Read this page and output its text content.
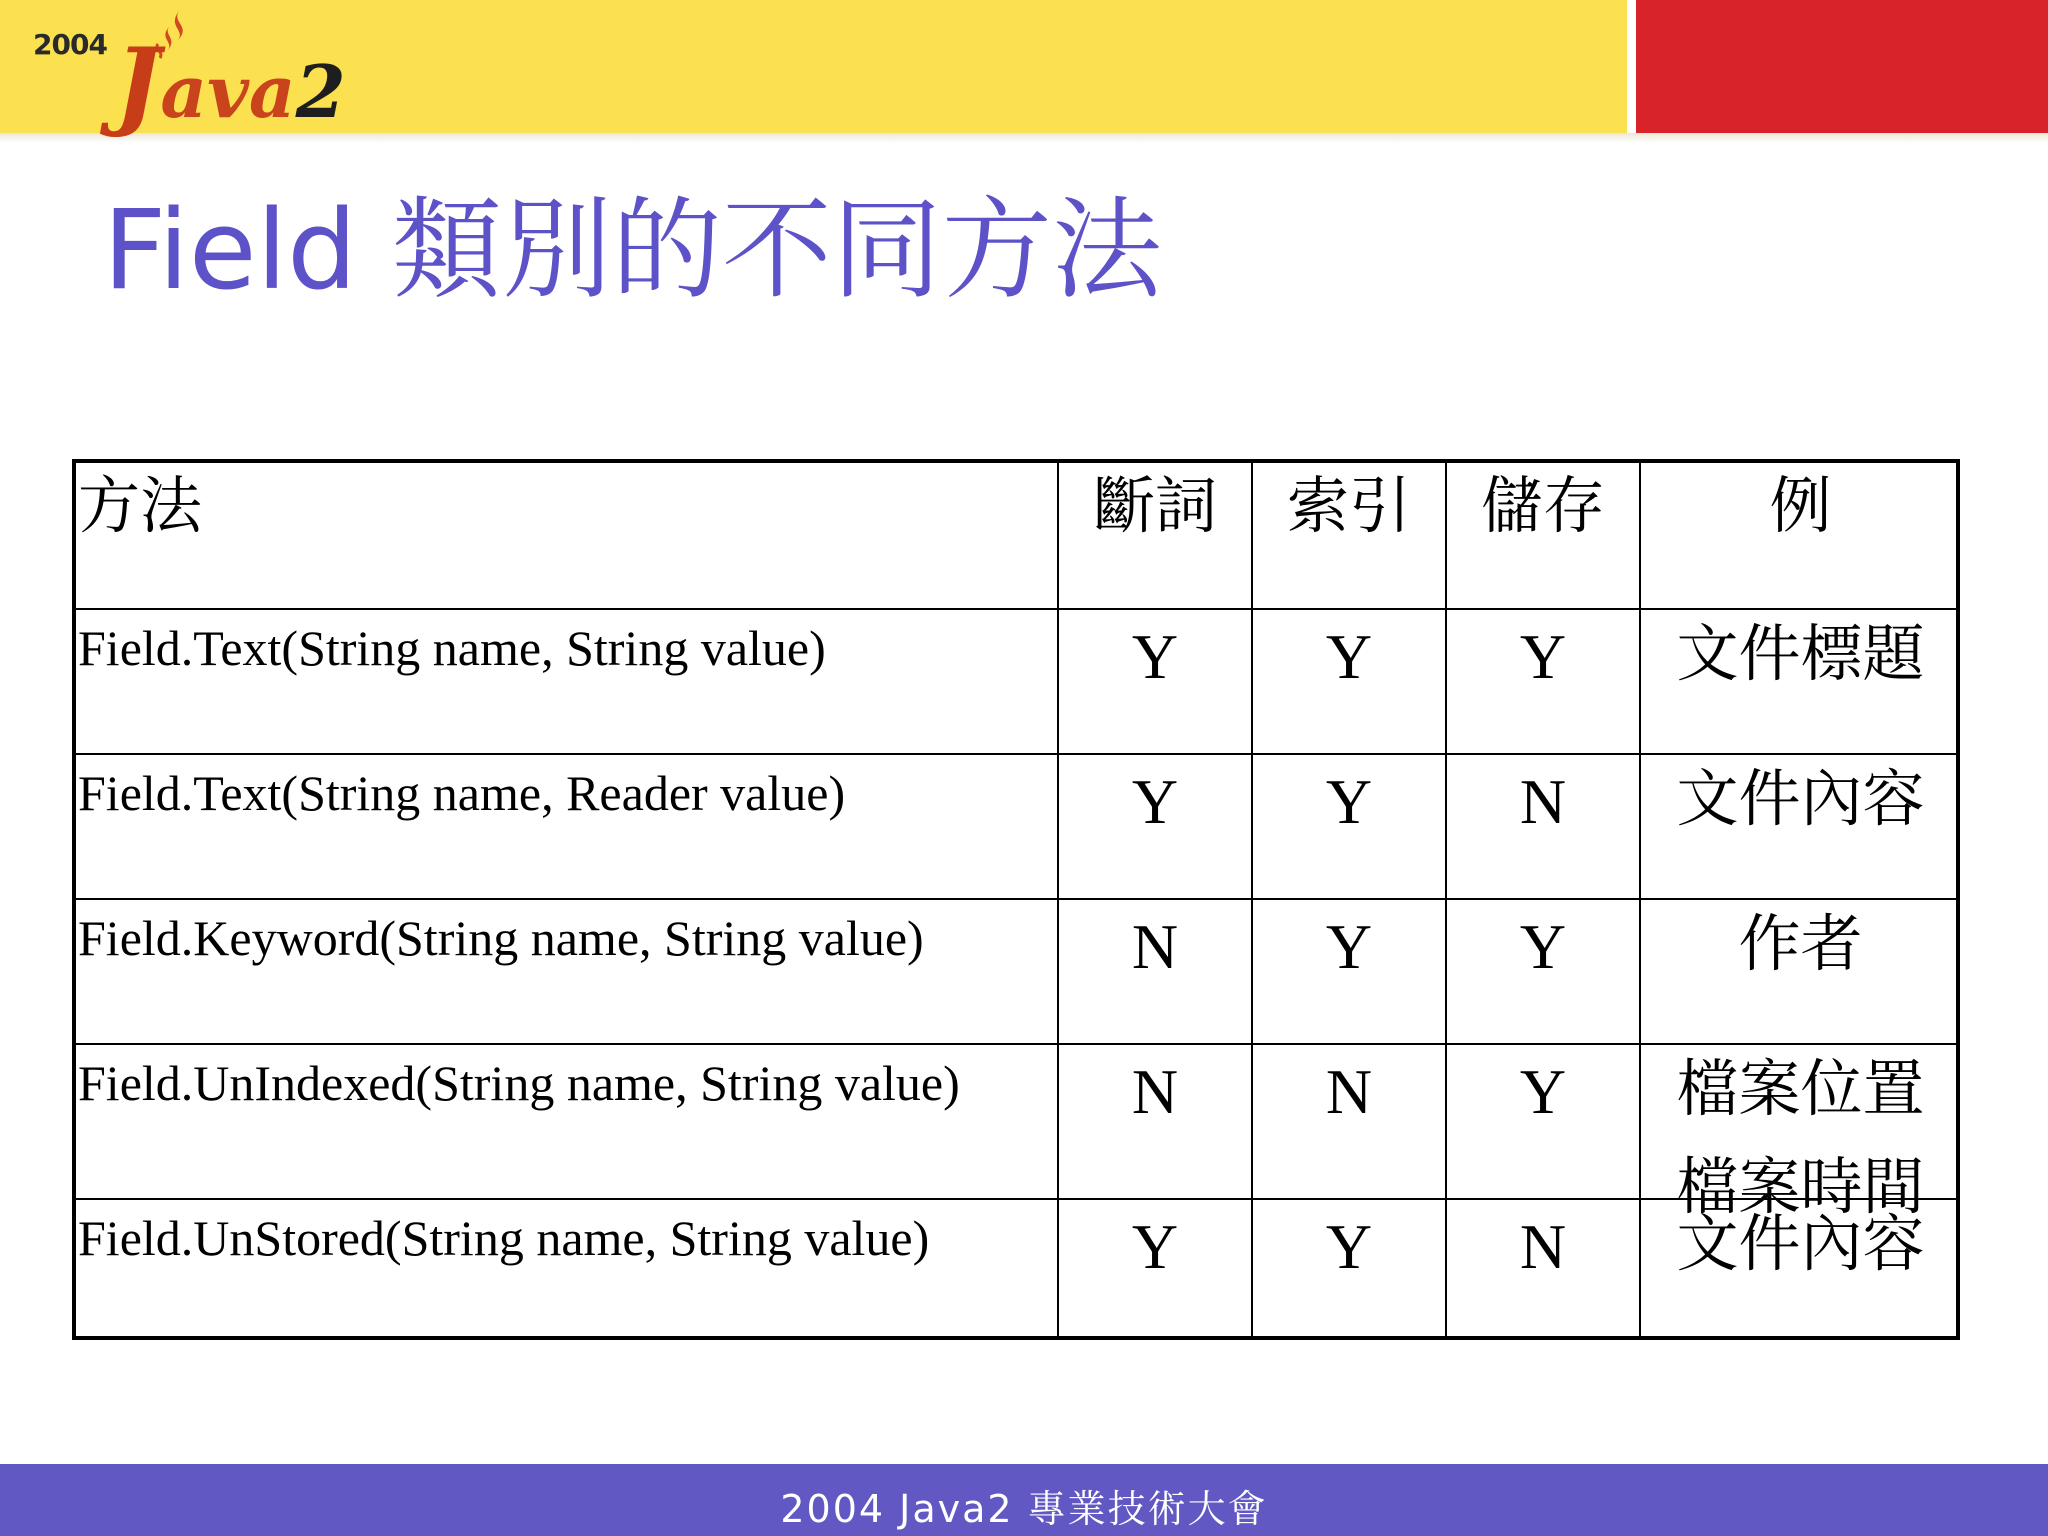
2004 Java2
Field 類別的不同方法
方法	斷詞	索引	儲存	例
Field.Text(String name, String value)	Y	Y	Y	文件標題
Field.Text(String name, Reader value)	Y	Y	N	文件內容
Field.Keyword(String name, String value)	N	Y	Y	作者
Field.UnIndexed(String name, String value)	N	N	Y	檔案位置
檔案時間
Field.UnStored(String name, String value)	Y	Y	N	文件內容
2004 Java2 專業技術大會
